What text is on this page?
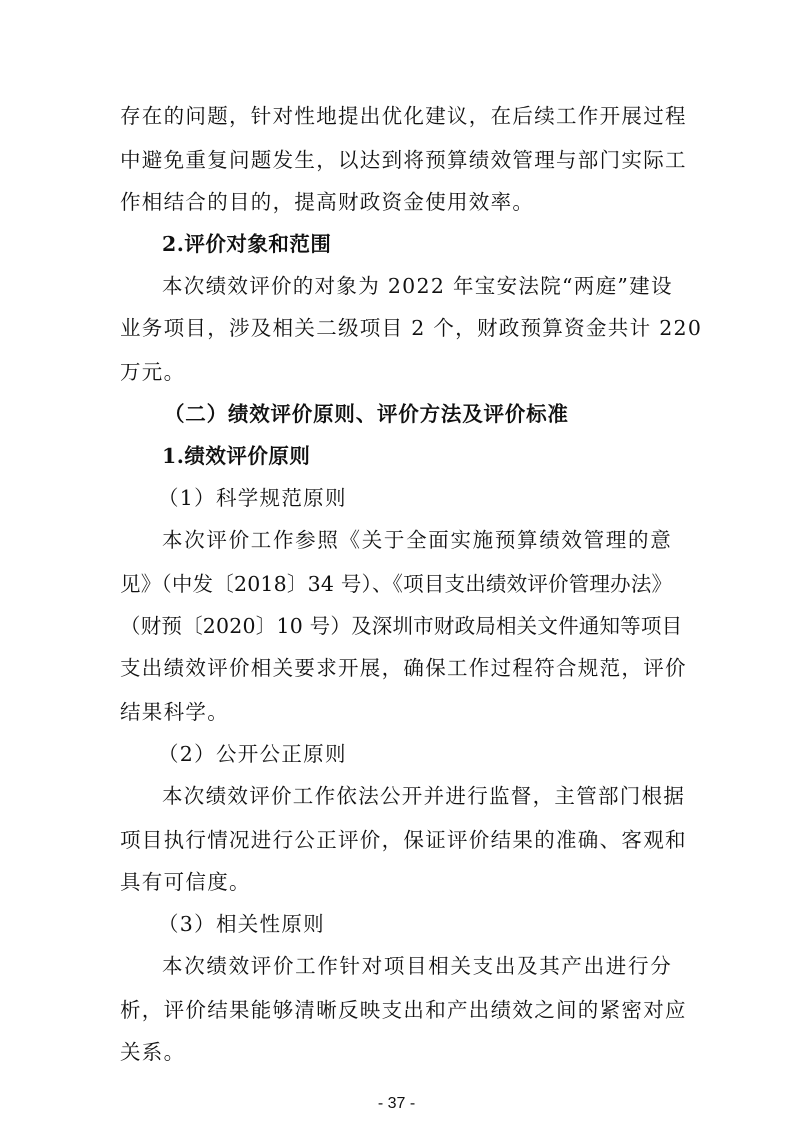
存在的问题，针对性地提出优化建议，在后续工作开展过程
中避免重复问题发生，以达到将预算绩效管理与部门实际工
作相结合的目的，提高财政资金使用效率。
2.评价对象和范围
本次绩效评价的对象为 2022 年宝安法院“两庭”建设
业务项目，涉及相关二级项目 2 个，财政预算资金共计 220
万元。
（二）绩效评价原则、评价方法及评价标准
1.绩效评价原则
（1）科学规范原则
本次评价工作参照《关于全面实施预算绩效管理的意
见》（中发〔2018〕34 号）、《项目支出绩效评价管理办法》
（财预〔2020〕10 号）及深圳市财政局相关文件通知等项目
支出绩效评价相关要求开展，确保工作过程符合规范，评价
结果科学。
（2）公开公正原则
本次绩效评价工作依法公开并进行监督，主管部门根据
项目执行情况进行公正评价，保证评价结果的准确、客观和
具有可信度。
（3）相关性原则
本次绩效评价工作针对项目相关支出及其产出进行分
析，评价结果能够清晰反映支出和产出绩效之间的紧密对应
关系。
- 37 -
